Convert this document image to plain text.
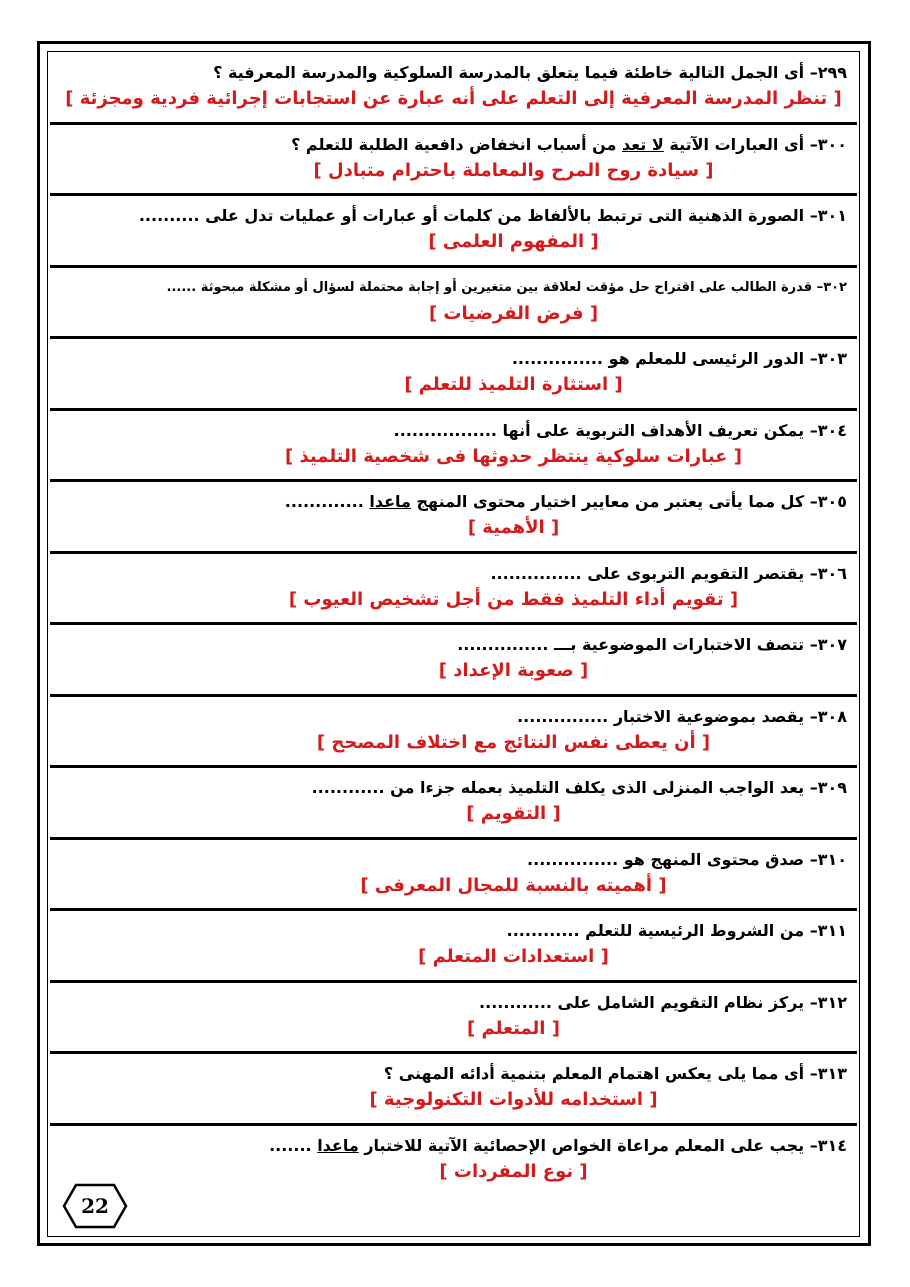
٢٩٩– أى الجمل التالية خاطئة فيما يتعلق بالمدرسة السلوكية والمدرسة المعرفية ؟
[ تنظر المدرسة المعرفية إلى التعلم على أنه عبارة عن استجابات إجرائية فردية ومجزئة ]
٣٠٠– أى العبارات الآتية لا تعد من أسباب انخفاض دافعية الطلبة للتعلم ؟
[ سيادة روح المرح والمعاملة باحترام متبادل ]
٣٠١– الصورة الذهنية التى ترتبط بالألفاظ من كلمات أو عبارات أو عمليات تدل على ..........
[ المفهوم العلمى ]
٣٠٢– قدرة الطالب على اقتراح حل مؤقت لعلاقة بين متغيرين أو إجابة محتملة لسؤال أو مشكلة مبحوثة ......
[ فرض الفرضيات ]
٣٠٣– الدور الرئيسى للمعلم هو ...............
[ استثارة التلميذ للتعلم ]
٣٠٤– يمكن تعريف الأهداف التربوية على أنها .................
[ عبارات سلوكية ينتظر حدوثها فى شخصية التلميذ ]
٣٠٥– كل مما يأتى يعتبر من معايير اختيار محتوى المنهج ماعدا .............
[ الأهمية ]
٣٠٦– يقتصر التقويم التربوى على ...............
[ تقويم أداء التلميذ فقط من أجل تشخيص العيوب ]
٣٠٧– تتصف الاختبارات الموضوعية بـــ ...............
[ صعوبة الإعداد ]
٣٠٨– يقصد بموضوعية الاختبار ...............
[ أن يعطى نفس النتائج مع اختلاف المصحح ]
٣٠٩– يعد الواجب المنزلى الذى يكلف التلميذ بعمله جزءا من ............
[ التقويم ]
٣١٠– صدق محتوى المنهج هو ...............
[ أهميته بالنسبة للمجال المعرفى ]
٣١١– من الشروط الرئيسية للتعلم ............
[ استعدادات المتعلم ]
٣١٢– يركز نظام التقويم الشامل على ............
[ المتعلم ]
٣١٣– أى مما يلى يعكس اهتمام المعلم بتنمية أدائه المهنى ؟
[ استخدامه للأدوات التكنولوجية ]
٣١٤– يجب على المعلم مراعاة الخواص الإحصائية الآتية للاختبار ماعدا .......
[ نوع المفردات ]
22
